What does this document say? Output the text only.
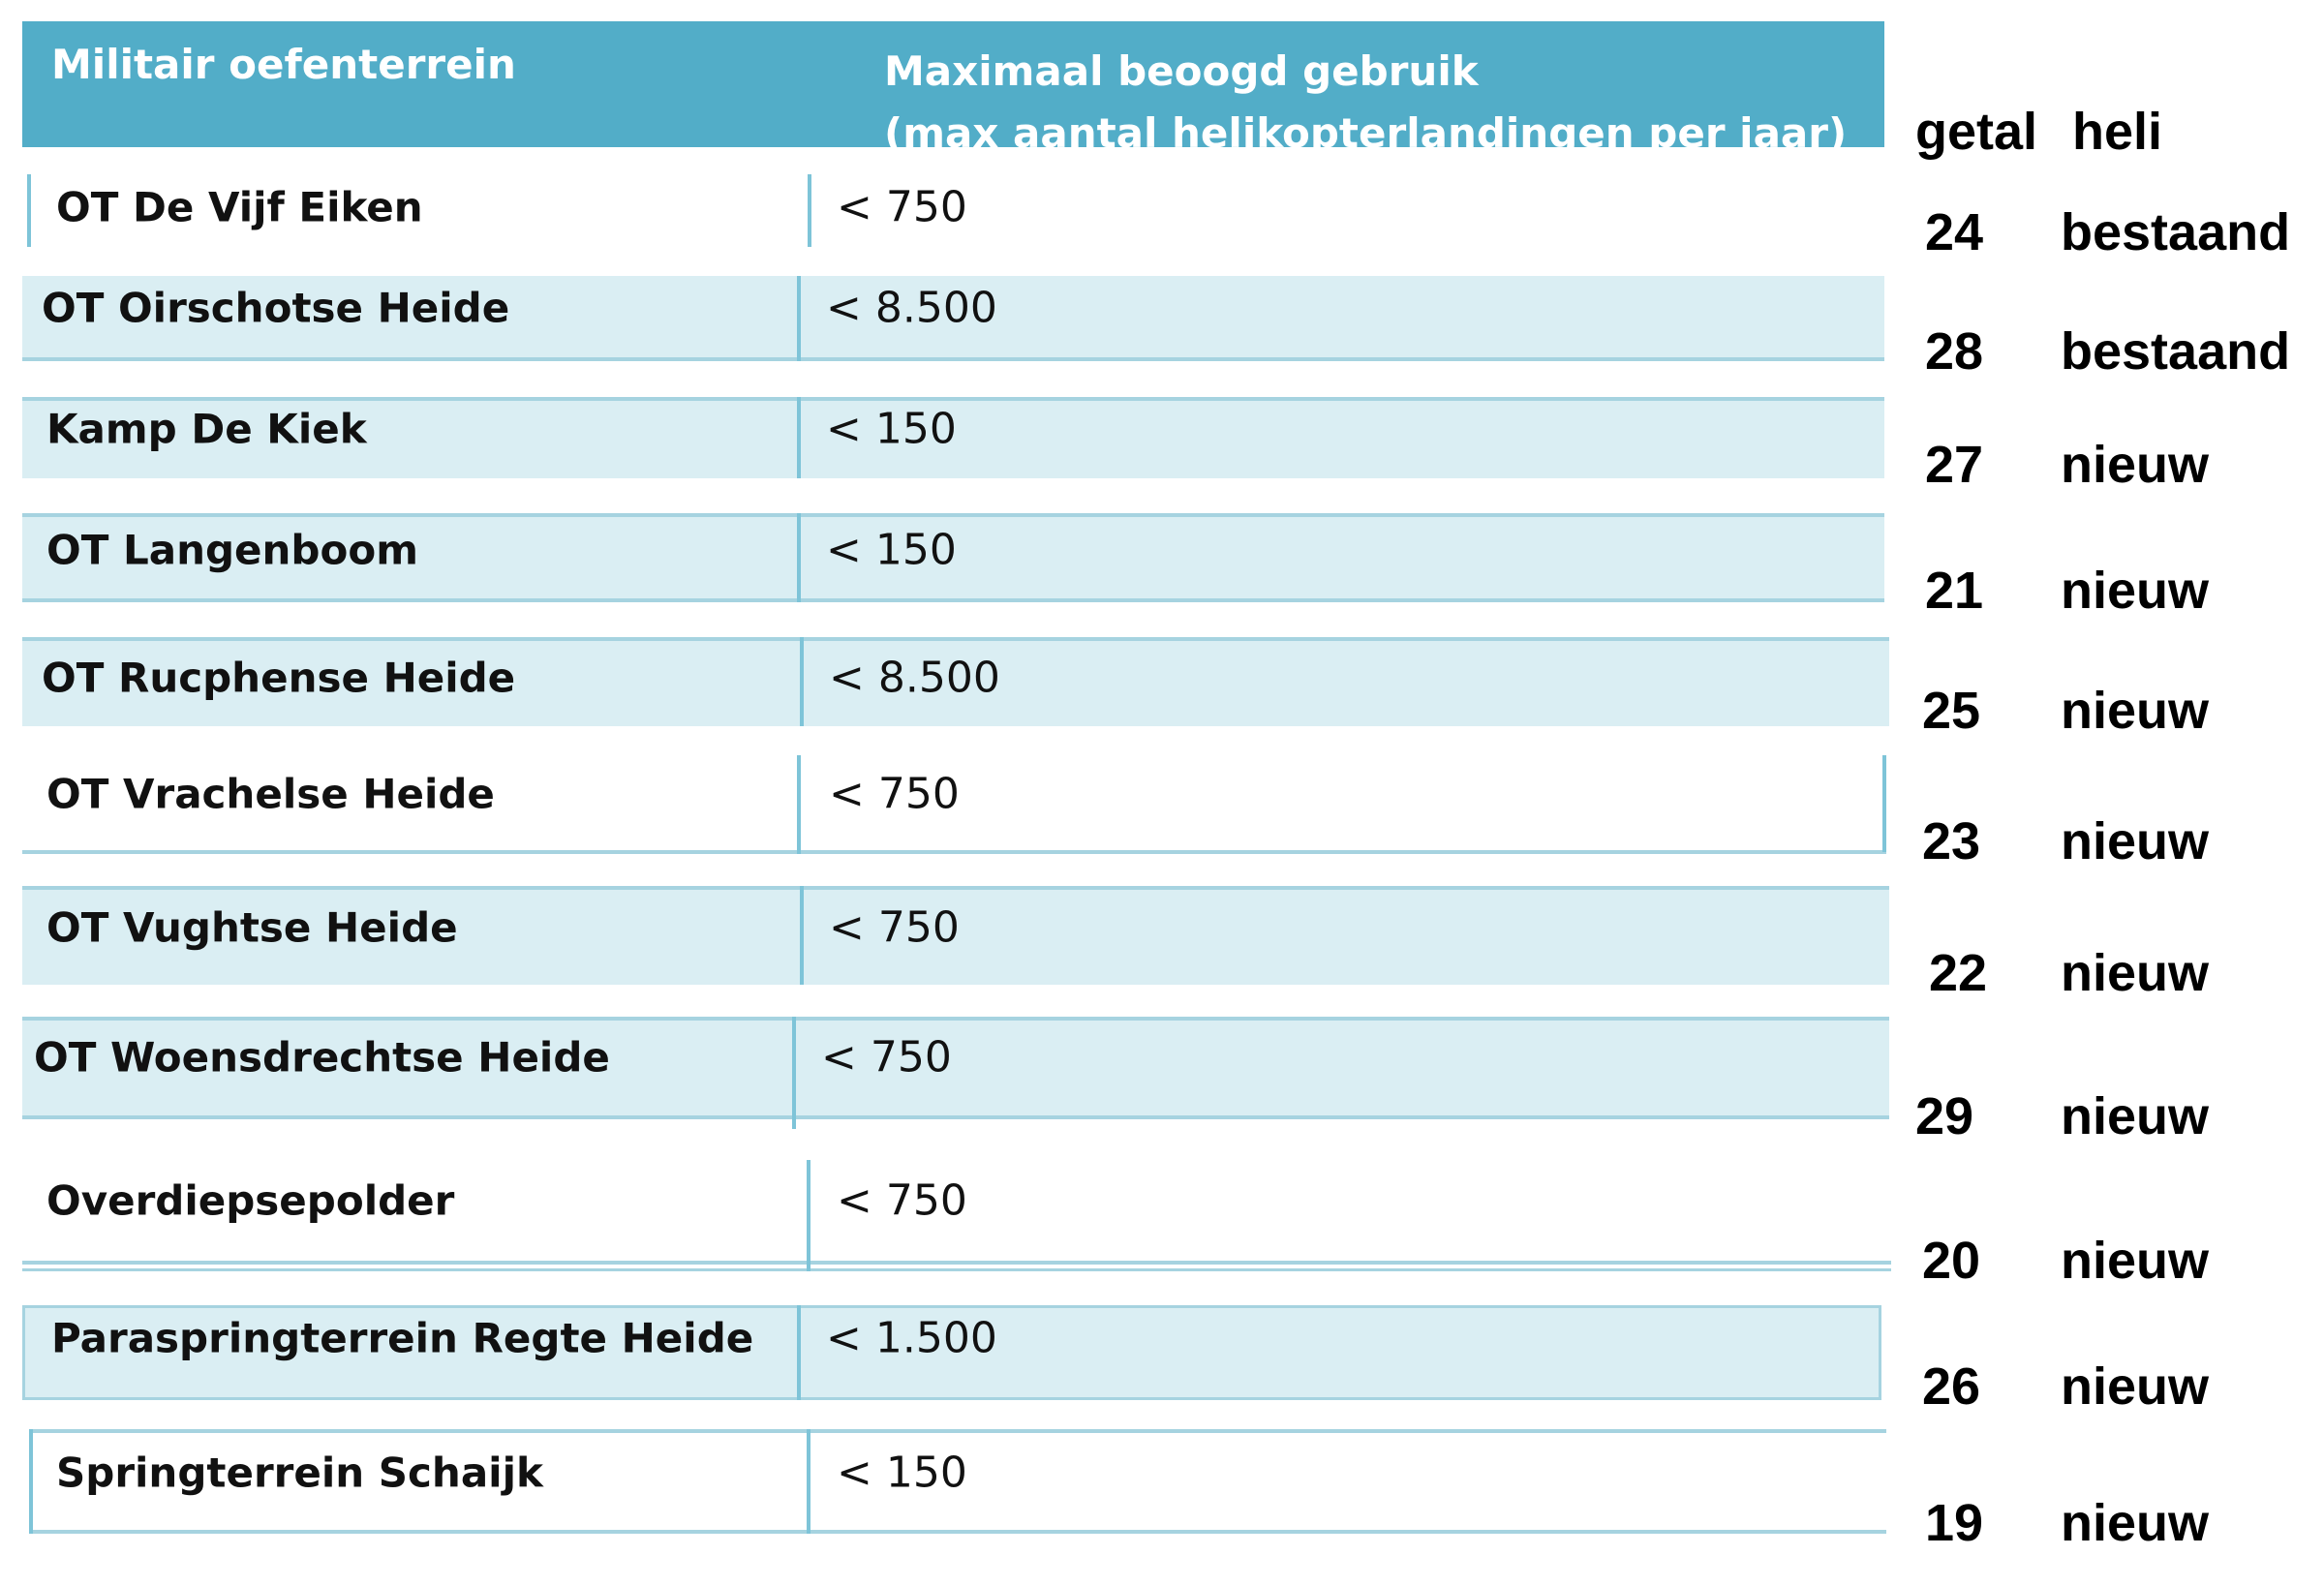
Militair oefenterrein	Maximaal beoogd gebruik
(max aantal helikopterlandingen per jaar)
OT De Vijf Eiken	< 750
OT Oirschotse Heide	< 8.500
Kamp De Kiek	< 150
OT Langenboom	< 150
OT Rucphense Heide	< 8.500
OT Vrachelse Heide	< 750
OT Vughtse Heide	< 750
OT Woensdrechtse Heide	< 750
Overdiepsepolder	< 750
Paraspringterrein Regte Heide < 1.500
Springterrein Schaijk	< 150
getal heli
24 bestaand
28 bestaand
27 nieuw
21 nieuw
25 nieuw
23 nieuw
22 nieuw
29 nieuw
20 nieuw
26 nieuw
19 nieuw
